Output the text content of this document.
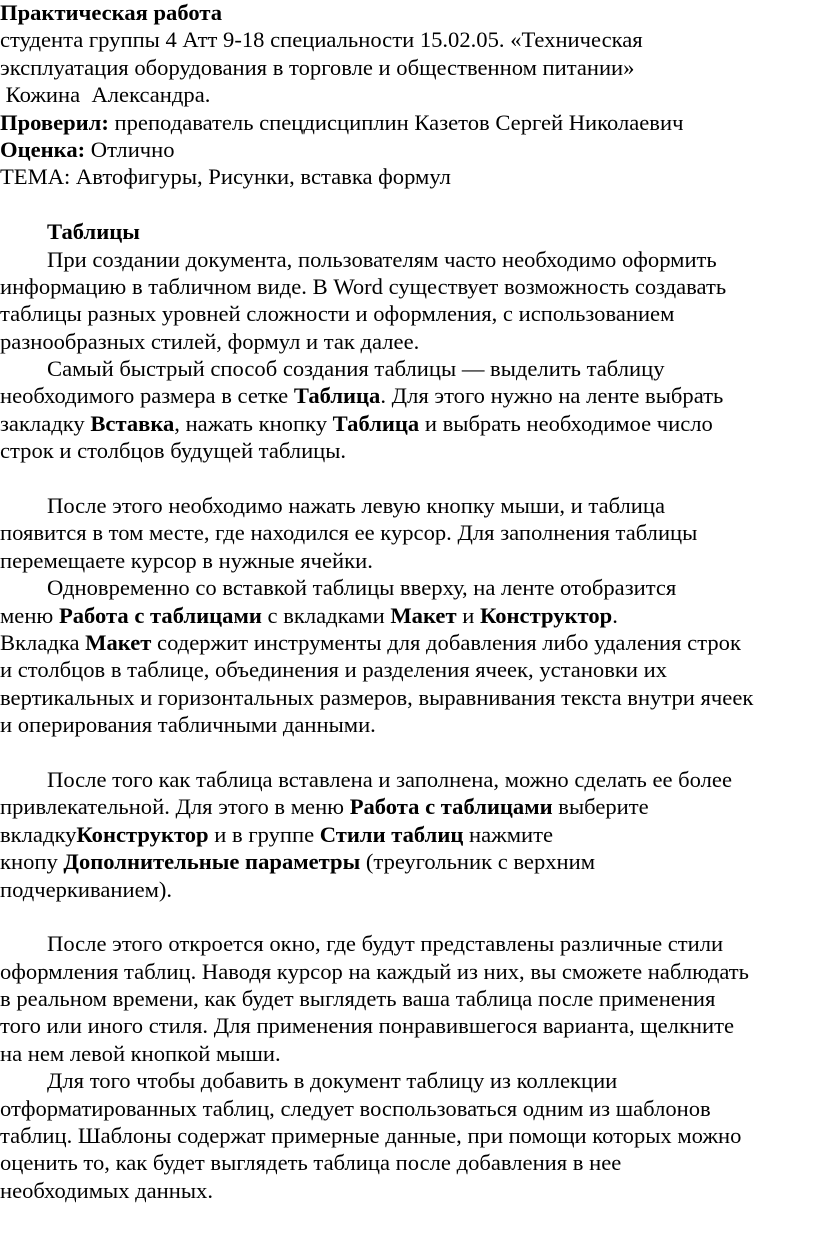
Практическая работа
студента группы 4 Атт 9-18 специальности 15.02.05. «Техническая
эксплуатация оборудования в торговле и общественном питании»
Кожина  Александра.
Проверил: преподаватель спецдисциплин Казетов Сергей Николаевич
Оценка: Отлично
ТЕМА: Автофигуры, Рисунки, вставка формул
Таблицы
При создании документа, пользователям часто необходимо оформить
информацию в табличном виде. В Word существует возможность создавать
таблицы разных уровней сложности и оформления, с использованием
разнообразных стилей, формул и так далее.
Самый быстрый способ создания таблицы — выделить таблицу
необходимого размера в сетке Таблица. Для этого нужно на ленте выбрать
закладку Вставка, нажать кнопку Таблица и выбрать необходимое число
строк и столбцов будущей таблицы.
После этого необходимо нажать левую кнопку мыши, и таблица
появится в том месте, где находился ее курсор. Для заполнения таблицы
перемещаете курсор в нужные ячейки.
Одновременно со вставкой таблицы вверху, на ленте отобразится
меню Работа с таблицами с вкладками Макет и Конструктор.
Вкладка Макет содержит инструменты для добавления либо удаления строк
и столбцов в таблице, объединения и разделения ячеек, установки их
вертикальных и горизонтальных размеров, выравнивания текста внутри ячеек
и оперирования табличными данными.
После того как таблица вставлена и заполнена, можно сделать ее более
привлекательной. Для этого в меню Работа с таблицами выберите
вкладкуКонструктор и в группе Стили таблиц нажмите
кнопу Дополнительные параметры (треугольник с верхним
подчеркиванием).
После этого откроется окно, где будут представлены различные стили
оформления таблиц. Наводя курсор на каждый из них, вы сможете наблюдать
в реальном времени, как будет выглядеть ваша таблица после применения
того или иного стиля. Для применения понравившегося варианта, щелкните
на нем левой кнопкой мыши.
Для того чтобы добавить в документ таблицу из коллекции
отформатированных таблиц, следует воспользоваться одним из шаблонов
таблиц. Шаблоны содержат примерные данные, при помощи которых можно
оценить то, как будет выглядеть таблица после добавления в нее
необходимых данных.
